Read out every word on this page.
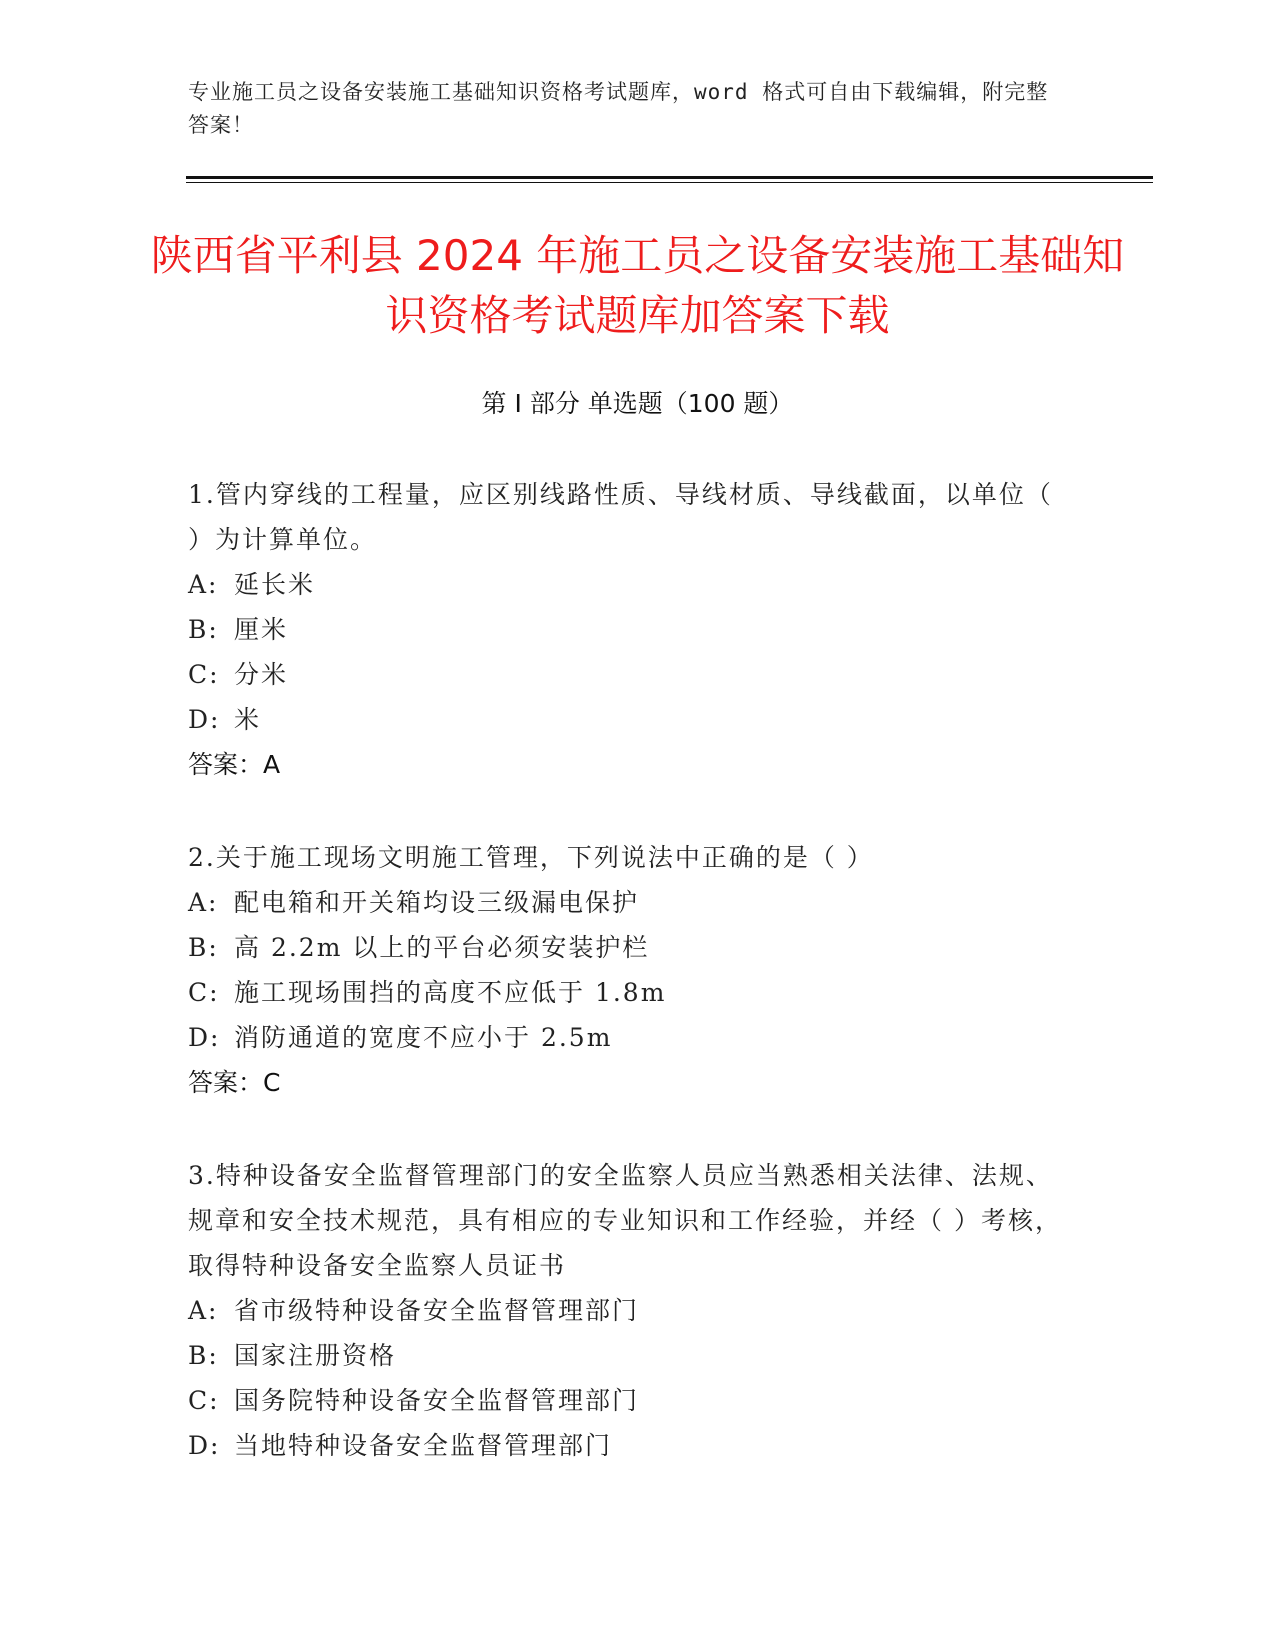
专业施工员之设备安装施工基础知识资格考试题库，word 格式可自由下载编辑，附完整答案！
陕西省平利县 2024 年施工员之设备安装施工基础知识资格考试题库加答案下载
第 I 部分 单选题（100 题）
1.管内穿线的工程量，应区别线路性质、导线材质、导线截面，以单位（ ）为计算单位。
A: 延长米
B: 厘米
C: 分米
D: 米
答案：A
2.关于施工现场文明施工管理，下列说法中正确的是（ ）
A: 配电箱和开关箱均设三级漏电保护
B: 高 2.2m 以上的平台必须安装护栏
C: 施工现场围挡的高度不应低于 1.8m
D: 消防通道的宽度不应小于 2.5m
答案：C
3.特种设备安全监督管理部门的安全监察人员应当熟悉相关法律、法规、规章和安全技术规范，具有相应的专业知识和工作经验，并经（ ）考核，取得特种设备安全监察人员证书
A: 省市级特种设备安全监督管理部门
B: 国家注册资格
C: 国务院特种设备安全监督管理部门
D: 当地特种设备安全监督管理部门
